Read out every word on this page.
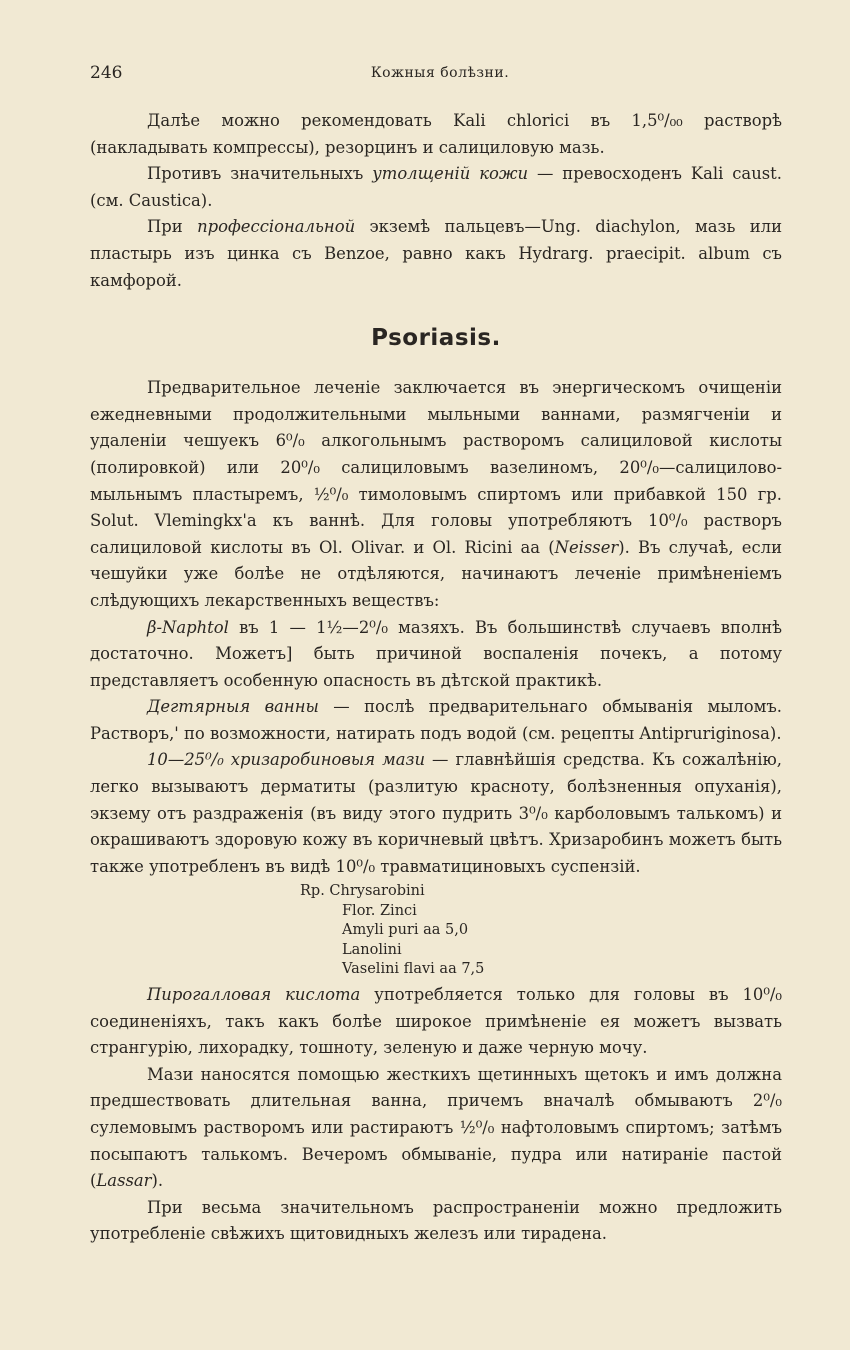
246	Кожныя болѣзни.

Далѣе можно рекомендовать Kali chlorici въ 1,5⁰/₀₀ растворѣ (накладывать компрессы), резорцинъ и салициловую мазь.

Противъ значительныхъ утолщеній кожи — превосходенъ Kali caust. (см. Caustica).

При профессіональной экземѣ пальцевъ—Ung. diachylon, мазь или пластырь изъ цинка съ Benzoe, равно какъ Hydrarg. praecipit. album съ камфорой.

Psoriasis.

Предварительное леченіе заключается въ энергическомъ очищеніи ежедневными продолжительными мыльными ваннами, размягченіи и удаленіи чешуекъ 6⁰/₀ алкогольнымъ растворомъ салициловой кислоты (полировкой) или 20⁰/₀ салициловымъ вазелиномъ, 20⁰/₀—салицилово-мыльнымъ пластыремъ, ½⁰/₀ тимоловымъ спиртомъ или прибавкой 150 гр. Solut. Vlemingkx'a къ ваннѣ. Для головы употребляютъ 10⁰/₀ растворъ салициловой кислоты въ Ol. Olivar. и Ol. Ricini aa (Neisser). Въ случаѣ, если чешуйки уже болѣе не отдѣляются, начинаютъ леченіе примѣненіемъ слѣдующихъ лекарственныхъ веществъ:

β-Naphtol въ 1 — 1½—2⁰/₀ мазяхъ. Въ большинствѣ случаевъ вполнѣ достаточно. Можетъ] быть причиной воспаленія почекъ, а потому представляетъ особенную опасность въ дѣтской практикѣ.

Дегтярныя ванны — послѣ предварительнаго обмыванія мыломъ. Растворъ,' по возможности, натирать подъ водой (см. рецепты Antipruriginosa).

10—25⁰/₀ хризаробиновыя мази — главнѣйшія средства. Къ сожалѣнію, легко вызываютъ дерматиты (разлитую красноту, болѣзненныя опуханія), экзему отъ раздраженія (въ виду этого пудрить 3⁰/₀ карболовымъ талькомъ) и окрашиваютъ здоровую кожу въ коричневый цвѣтъ. Хризаробинъ можетъ быть также употребленъ въ видѣ 10⁰/₀ травматициновыхъ суспензій.

Rp. Chrysarobini
Flor. Zinci
Amyli puri aa 5,0
Lanolini
Vaselini flavi aa 7,5

Пирогалловая кислота употребляется только для головы въ 10⁰/₀ соединеніяхъ, такъ какъ болѣе широкое примѣненіе ея можетъ вызвать странгурію, лихорадку, тошноту, зеленую и даже черную мочу.

Мази наносятся помощью жесткихъ щетинныхъ щетокъ и имъ должна предшествовать длительная ванна, причемъ вначалѣ обмываютъ 2⁰/₀ сулемовымъ растворомъ или растираютъ ½⁰/₀ нафтоловымъ спиртомъ; затѣмъ посыпаютъ талькомъ. Вечеромъ обмываніе, пудра или натираніе пастой (Lassar).

При весьма значительномъ распространеніи можно предложить употребленіе свѣжихъ щитовидныхъ железъ или тирадена.
